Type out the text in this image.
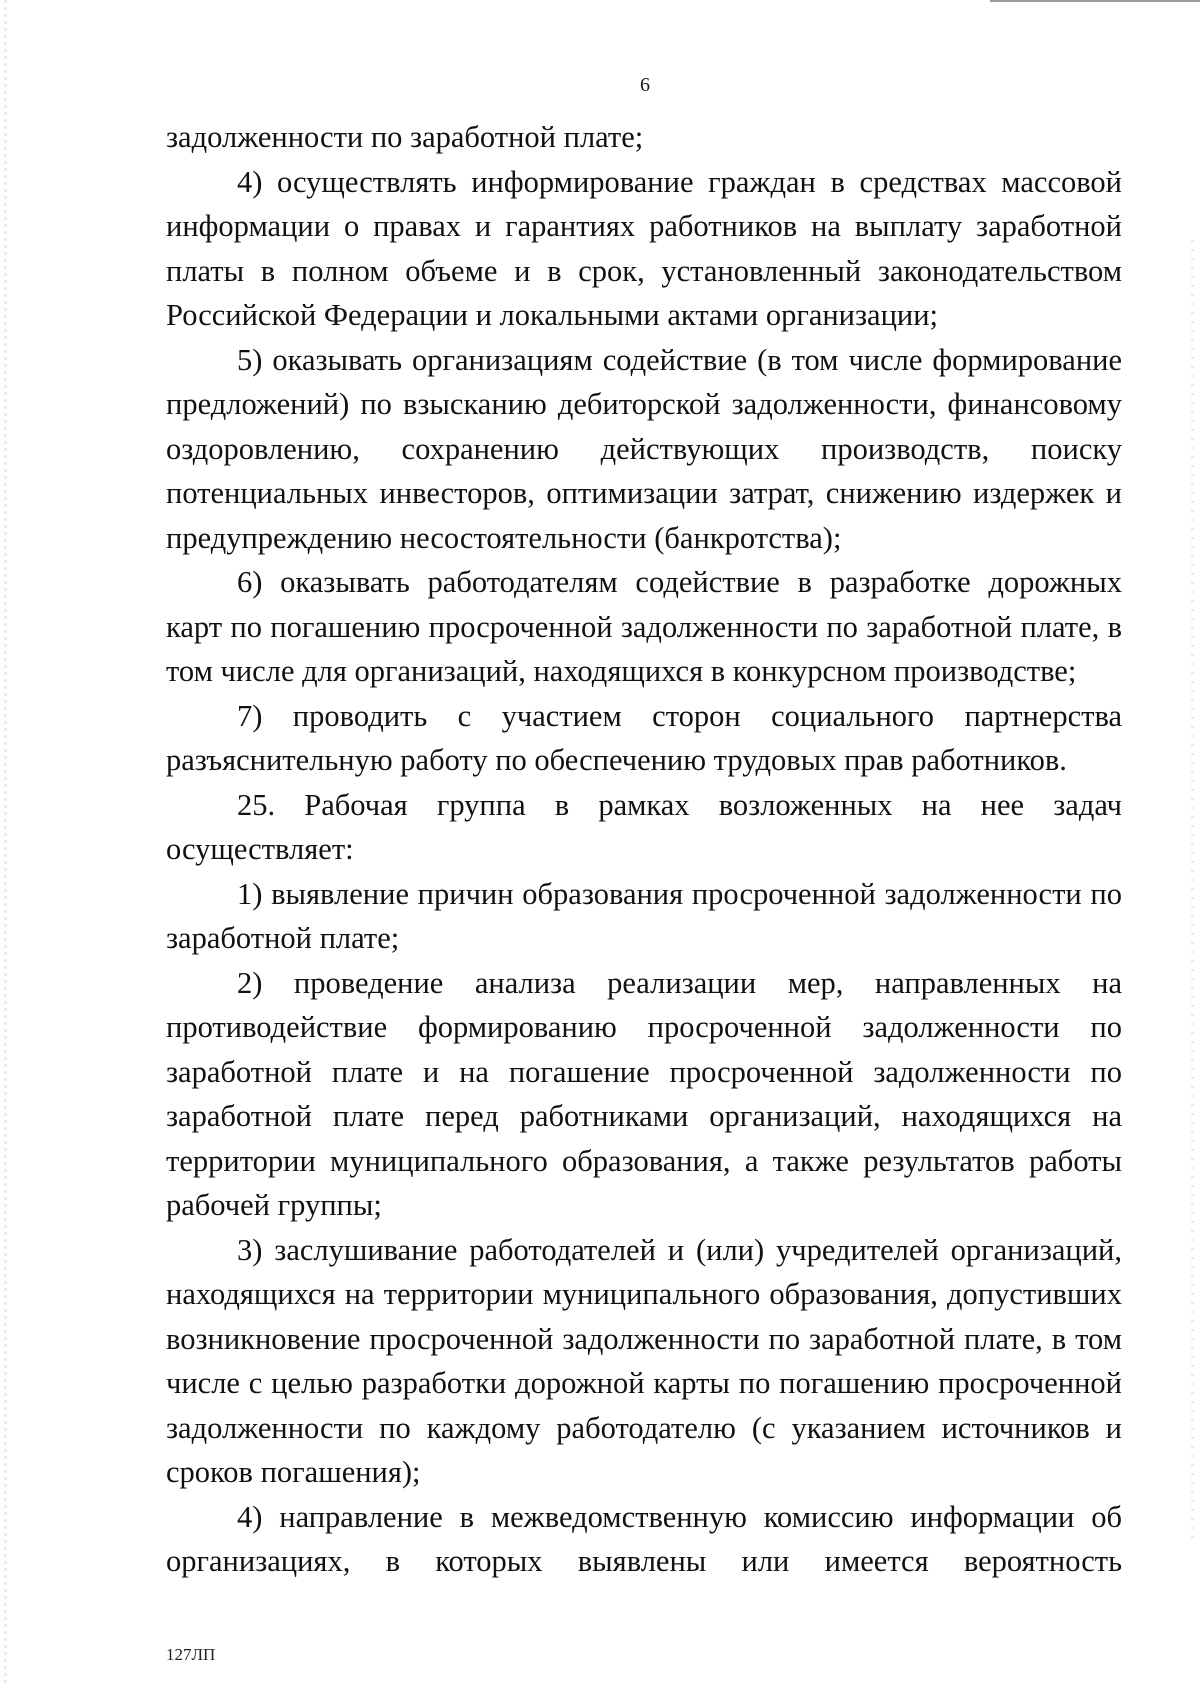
6

задолженности по заработной плате;

4) осуществлять информирование граждан в средствах массовой информации о правах и гарантиях работников на выплату заработной платы в полном объеме и в срок, установленный законодательством Российской Федерации и локальными актами организации;

5) оказывать организациям содействие (в том числе формирование предложений) по взысканию дебиторской задолженности, финансовому оздоровлению, сохранению действующих производств, поиску потенциальных инвесторов, оптимизации затрат, снижению издержек и предупреждению несостоятельности (банкротства);

6) оказывать работодателям содействие в разработке дорожных карт по погашению просроченной задолженности по заработной плате, в том числе для организаций, находящихся в конкурсном производстве;

7) проводить с участием сторон социального партнерства разъяснительную работу по обеспечению трудовых прав работников.

25. Рабочая группа в рамках возложенных на нее задач осуществляет:

1) выявление причин образования просроченной задолженности по заработной плате;

2) проведение анализа реализации мер, направленных на противодействие формированию просроченной задолженности по заработной плате и на погашение просроченной задолженности по заработной плате перед работниками организаций, находящихся на территории муниципального образования, а также результатов работы рабочей группы;

3) заслушивание работодателей и (или) учредителей организаций, находящихся на территории муниципального образования, допустивших возникновение просроченной задолженности по заработной плате, в том числе с целью разработки дорожной карты по погашению просроченной задолженности по каждому работодателю (с указанием источников и сроков погашения);

4) направление в межведомственную комиссию информации об организациях, в которых выявлены или имеется вероятность

127ЛП
